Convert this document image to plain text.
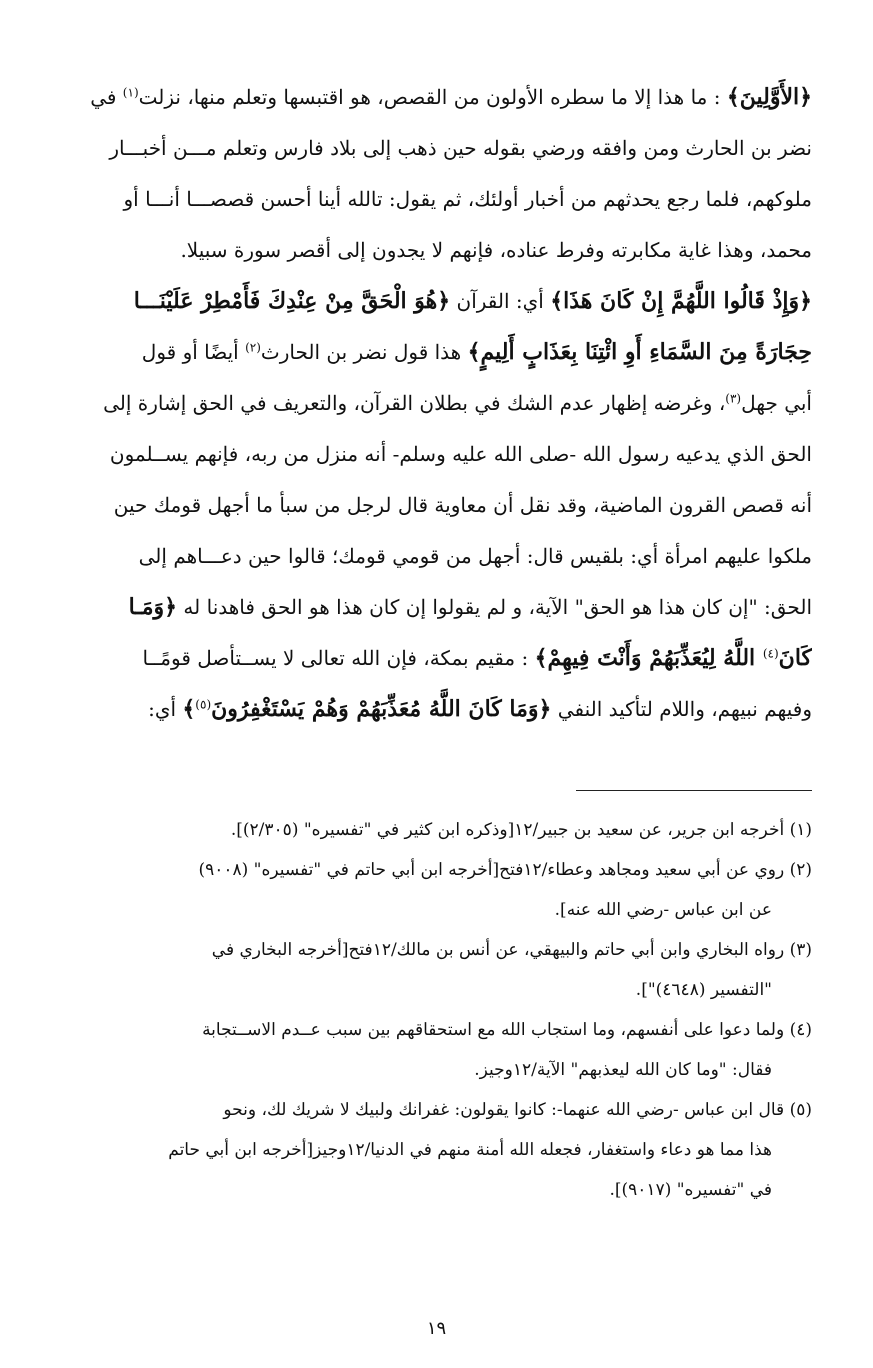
﴿الأَوَّلِينَ﴾ : ما هذا إلا ما سطره الأولون من القصص، هو اقتبسها وتعلم منها، نزلت$^{(١)}$ في
نضر بن الحارث ومن وافقه ورضي بقوله حين ذهب إلى بلاد فارس وتعلم مـــن أخبـــار
ملوكهم، فلما رجع يحدثهم من أخبار أولئك، ثم يقول: تالله أينا أحسن قصصـــا أنـــا أو
محمد، وهذا غاية مكابرته وفرط عناده، فإنهم لا يجدون إلى أقصر سورة سبيلا.
﴿وَإِذْ قَالُوا اللَّهُمَّ إِنْ كَانَ هَذَا﴾ أي: القرآن ﴿هُوَ الْحَقَّ مِنْ عِنْدِكَ فَأَمْطِرْ عَلَيْنَـــا
حِجَارَةً مِنَ السَّمَاءِ أَوِ ائْتِنَا بِعَذَابٍ أَلِيمٍ﴾ هذا قول نضر بن الحارث$^{(٢)}$ أيضًا أو قول
أبي جهل$^{(٣)}$، وغرضه إظهار عدم الشك في بطلان القرآن، والتعريف في الحق إشارة إلى
الحق الذي يدعيه رسول الله -صلى الله عليه وسلم- أنه منزل من ربه، فإنهم يســلمون
أنه قصص القرون الماضية، وقد نقل أن معاوية قال لرجل من سبأ ما أجهل قومك حين
ملكوا عليهم امرأة أي: بلقيس قال: أجهل من قومي قومك؛ قالوا حين دعـــاهم إلى
الحق: "إن كان هذا هو الحق" الآية، و لم يقولوا إن كان هذا هو الحق فاهدنا له ﴿وَمَـا
كَانَ$^{(٤)}$ اللَّهُ لِيُعَذِّبَهُمْ وَأَنْتَ فِيهِمْ﴾ : مقيم بمكة، فإن الله تعالى لا يســتأصل قومًــا
وفيهم نبيهم، واللام لتأكيد النفي ﴿وَمَا كَانَ اللَّهُ مُعَذِّبَهُمْ وَهُمْ يَسْتَغْفِرُونَ$^{(٥)}$﴾ أي:
(١) أخرجه ابن جرير، عن سعيد بن جبير/١٢[وذكره ابن كثير في "تفسيره" (٢/٣٠٥)].
(٢) روي عن أبي سعيد ومجاهد وعطاء/١٢فتح[أخرجه ابن أبي حاتم في "تفسيره" (٩٠٠٨)
عن ابن عباس -رضي الله عنه].
(٣) رواه البخاري وابن أبي حاتم والبيهقي، عن أنس بن مالك/١٢فتح[أخرجه البخاري في
"التفسير (٤٦٤٨)"].
(٤) ولما دعوا على أنفسهم، وما استجاب الله مع استحقاقهم بين سبب عــدم الاســتجابة
فقال: "وما كان الله ليعذبهم" الآية/١٢وجيز.
(٥) قال ابن عباس -رضي الله عنهما-: كانوا يقولون: غفرانك ولبيك لا شريك لك، ونحو
هذا مما هو دعاء واستغفار، فجعله الله أمنة منهم في الدنيا/١٢وجيز[أخرجه ابن أبي حاتم
في "تفسيره" (٩٠١٧)].
١٩
